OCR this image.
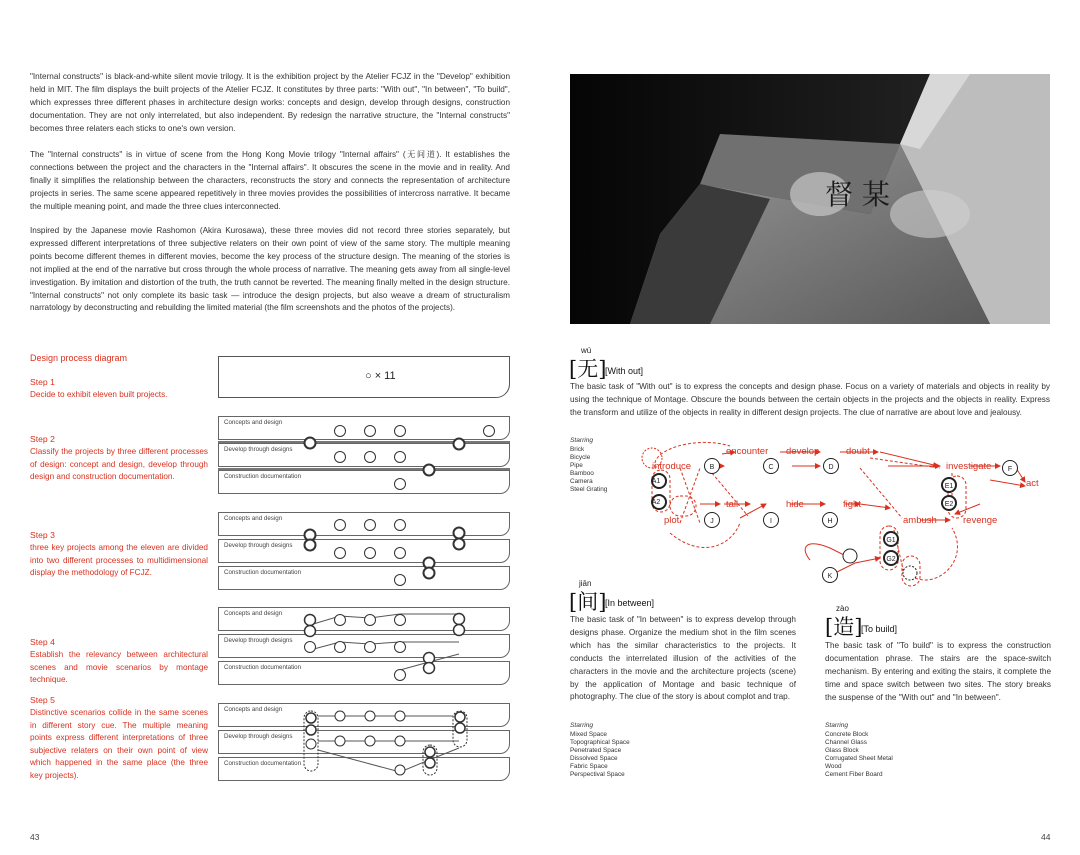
"Internal constructs" is black-and-white silent movie trilogy. It is the exhibition project by the Atelier FCJZ in the "Develop" exhibition held in MIT. The film displays the built projects of the Atelier FCJZ. It constitutes by three parts: "With out", "In between", "To build", which expresses three different phases in architecture design works: concepts and design, develop through designs, construction documentation. They are not only interrelated, but also independent. By redesign the narrative structure, the "Internal constructs" becomes three relaters each sticks to one's own version.

The "Internal constructs" is in virtue of scene from the Hong Kong Movie trilogy "Internal affairs" (无间道). It establishes the connections between the project and the characters in the "Internal affairs". It obscures the scene in the movie and in reality. And finally it simplifies the relationship between the characters, reconstructs the story and connects the representation of architecture projects in series. The same scene appeared repetitively in three movies provides the possibilities of intercross narrative. It became the multiple meaning point, and made the three clues interconnected.

Inspired by the Japanese movie Rashomon (Akira Kurosawa), these three movies did not record three stories separately, but expressed different interpretations of three subjective relaters on their own point of view of the same story. The multiple meaning points become different themes in different movies, become the key process of the structure design. The meaning of the stories is not implied at the end of the narrative but cross through the whole process of narrative. The meaning gets away from all single-level investigation. By imitation and distortion of the truth, the truth cannot be reverted. The meaning finally melted in the design structure. "Internal constructs" not only complete its basic task — introduce the design projects, but also weave a dream of structuralism narratology by deconstructing and rebuilding the limited material (the film screenshots and the photos of the projects).

Design process diagram
Step 1
Decide to exhibit eleven built projects.
Step 2
Classify the projects by three different processes of design: concept and design, develop through design and construction documentation.
Step 3
three key projects among the eleven are divided into two different processes to multidimensional display the methodology of FCJZ.
Step 4
Establish the relevancy between architectural scenes and movie scenarios by montage technique.
Step 5
Distinctive scenarios collide in the same scenes in different story cue. The multiple meaning points express different interpretations of three subjective relaters on their own point of view which happened in the same place (the three key projects).
○ × 11
Concepts and design
Develop through designs
Construction documentation
Concepts and design
Develop through designs
Construction documentation
Concepts and design
Develop through designs
Construction documentation
Concepts and design
Develop through designs
Construction documentation
43
督 某
wú
[无]
[With out]

The basic task of "With out" is to express the concepts and design phase. Focus on a variety of materials and objects in reality by using the technique of Montage. Obscure the bounds between the certain objects in the projects and the objects in reality. Express the transform and utilize of the objects in reality in different design projects. The clue of narrative are about love and jealousy.

Starring
Brick
Bicycle
Pipe
Bamboo
Camera
Steel Grating
A1
A2
B	C	D
E1
E2
F
G1
G2
H
I
J
K
introduce
encounter develop	doubt
investigate
act
plot
tail	hide	fight
ambush	revenge
jiān
[间]
[In between]

The basic task of "In between" is to express develop through designs phase. Organize the medium shot in the film scenes which has the similar characteristics to the projects. It conducts the interrelated illusion of the activities of the characters in the movie and the architecture projects (scene) by the application of Montage and basic technique of photography. The clue of the story is about complot and trap.

Starring
Mixed Space
Topographical Space
Penetrated Space
Dissolved Space
Fabric Space
Perspectival Space
zào
[造]
[To build]

The basic task of "To build" is to express the construction documentation phrase. The stairs are the space-switch mechanism. By entering and exiting the stairs, it complete the time and space switch between two sites. The story breaks the suspense of the "With out" and "In between".

Starring
Concrete Block
Channel Glass
Glass Block
Corrugated Sheet Metal
Wood
Cement Fiber Board
44
